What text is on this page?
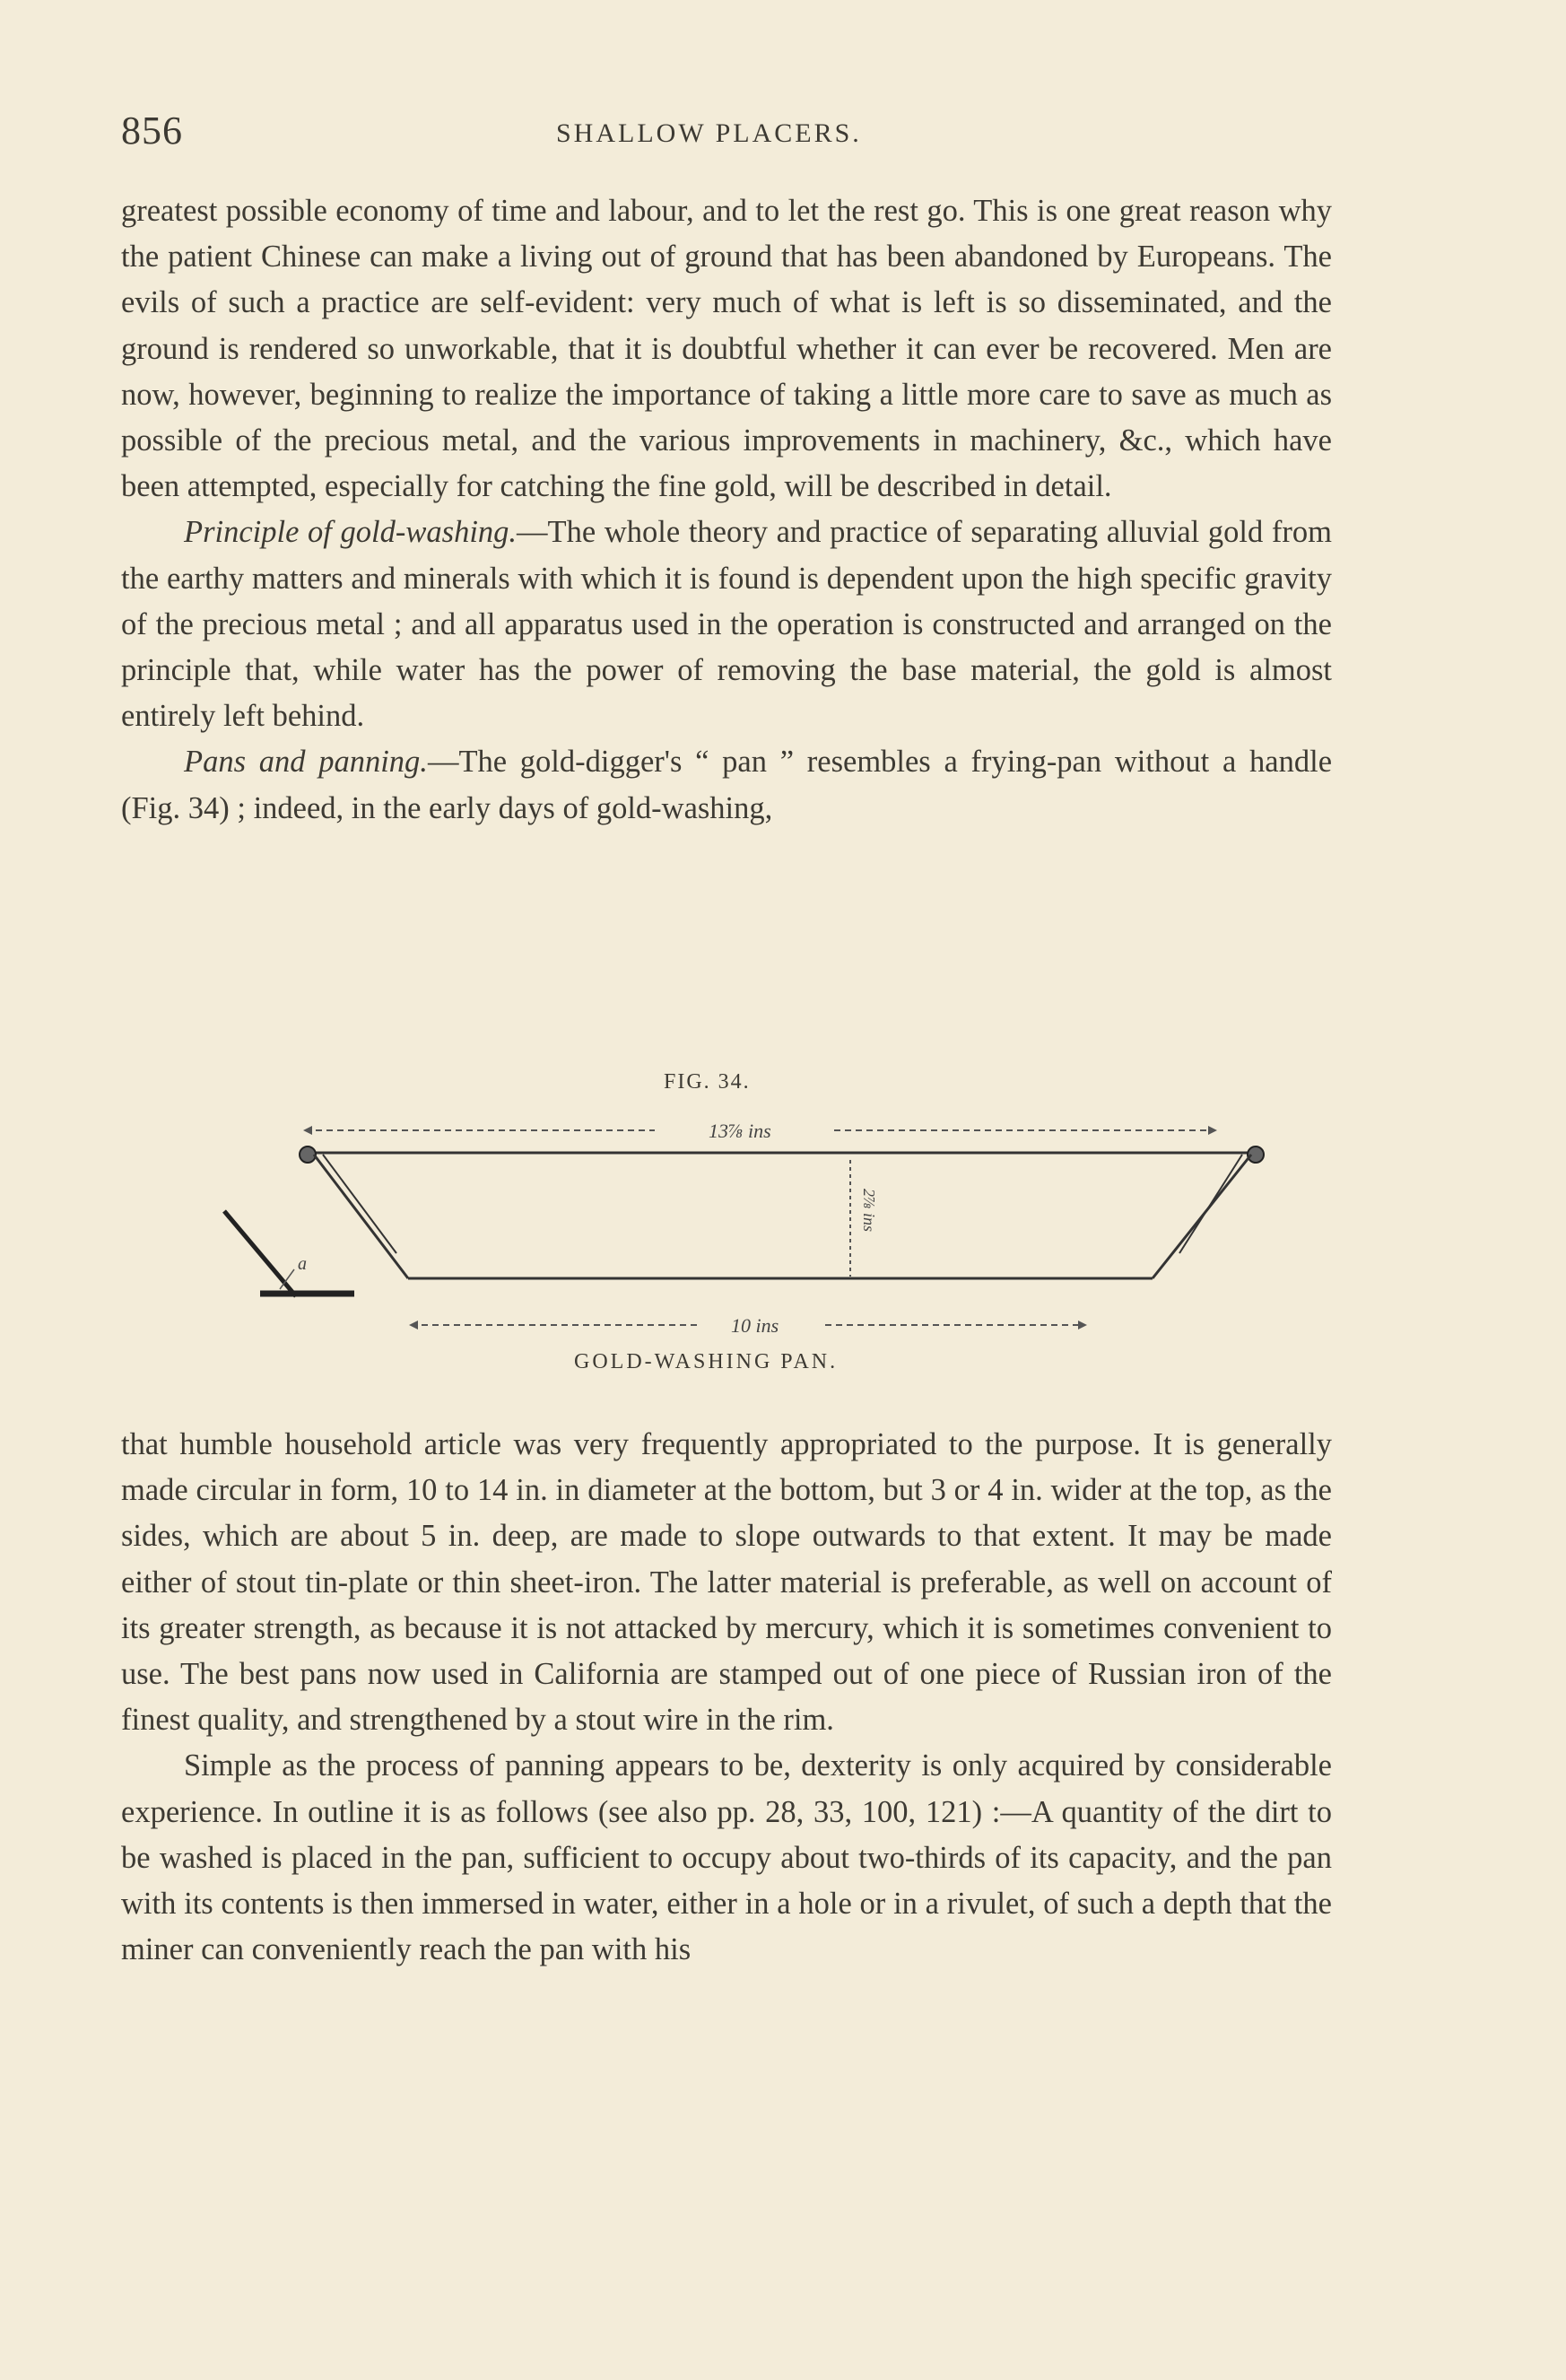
856	SHALLOW PLACERS.

greatest possible economy of time and labour, and to let the rest go. This is one great reason why the patient Chinese can make a living out of ground that has been abandoned by Europeans. The evils of such a practice are self-evident: very much of what is left is so disseminated, and the ground is rendered so unworkable, that it is doubtful whether it can ever be recovered. Men are now, however, beginning to realize the importance of taking a little more care to save as much as possible of the precious metal, and the various improvements in machinery, &c., which have been attempted, especially for catching the fine gold, will be described in detail.

Principle of gold-washing.—The whole theory and practice of separating alluvial gold from the earthy matters and minerals with which it is found is dependent upon the high specific gravity of the precious metal ; and all apparatus used in the operation is constructed and arranged on the principle that, while water has the power of removing the base material, the gold is almost entirely left behind.

Pans and panning.—The gold-digger's “ pan ” resembles a frying-pan without a handle (Fig. 34) ; indeed, in the early days of gold-washing,

FIG. 34.
13⅞ ins
2⅞ ins
a
10 ins
GOLD-WASHING PAN.

that humble household article was very frequently appropriated to the purpose. It is generally made circular in form, 10 to 14 in. in diameter at the bottom, but 3 or 4 in. wider at the top, as the sides, which are about 5 in. deep, are made to slope outwards to that extent. It may be made either of stout tin-plate or thin sheet-iron. The latter material is preferable, as well on account of its greater strength, as because it is not attacked by mercury, which it is sometimes convenient to use. The best pans now used in California are stamped out of one piece of Russian iron of the finest quality, and strengthened by a stout wire in the rim.

Simple as the process of panning appears to be, dexterity is only acquired by considerable experience. In outline it is as follows (see also pp. 28, 33, 100, 121) :—A quantity of the dirt to be washed is placed in the pan, sufficient to occupy about two-thirds of its capacity, and the pan with its contents is then immersed in water, either in a hole or in a rivulet, of such a depth that the miner can conveniently reach the pan with his
